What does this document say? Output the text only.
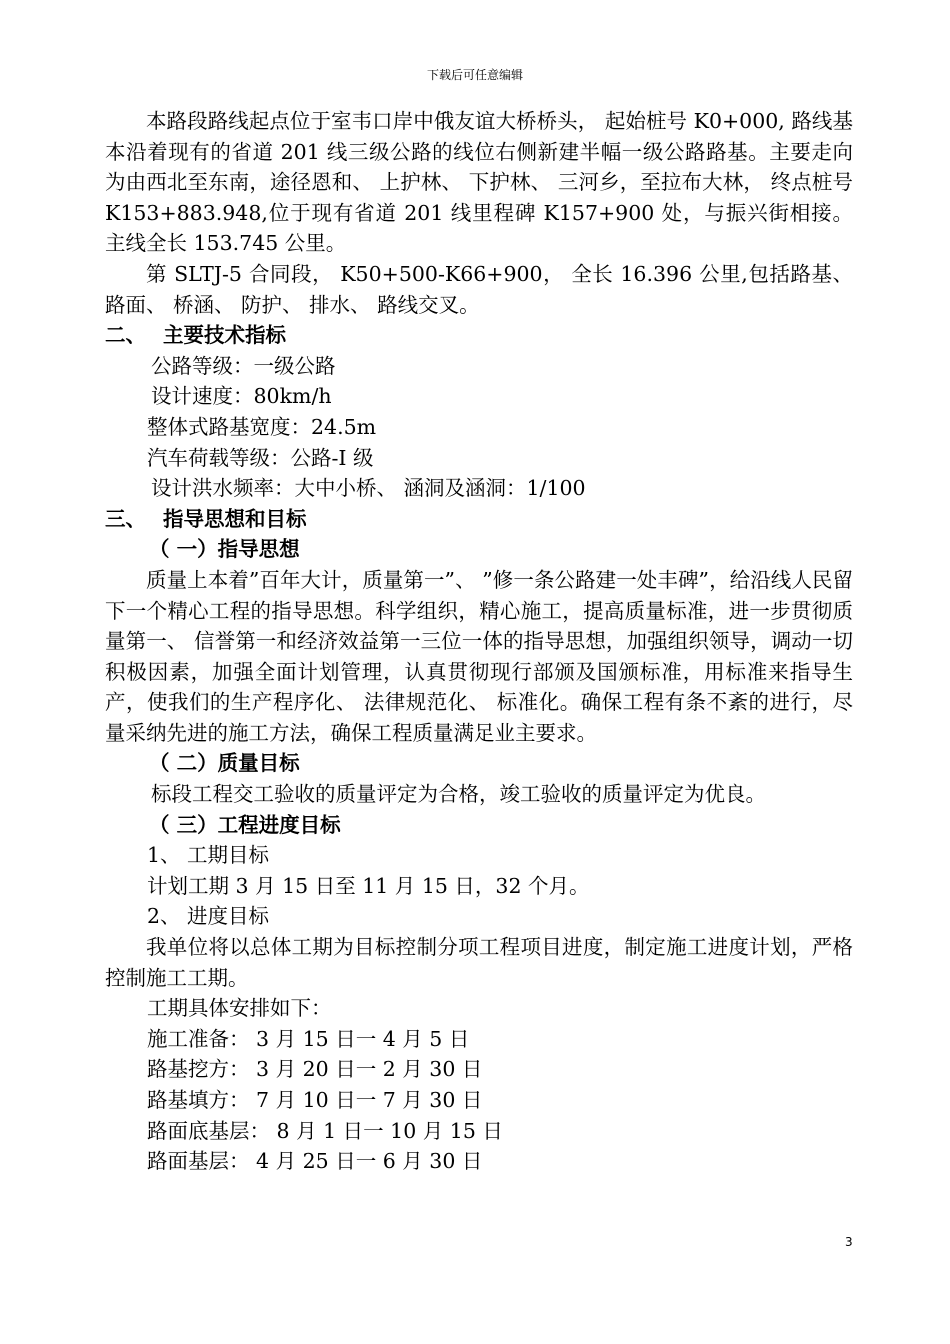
下载后可任意编辑

本路段路线起点位于室韦口岸中俄友谊大桥桥头， 起始桩号 K0+000, 路线基本沿着现有的省道 201 线三级公路的线位右侧新建半幅一级公路路基。主要走向为由西北至东南，途径恩和、 上护林、 下护林、 三河乡，至拉布大林， 终点桩号 K153+883.948,位于现有省道 201 线里程碑 K157+900 处，与振兴街相接。主线全长 153.745 公里。

第 SLTJ-5 合同段， K50+500-K66+900， 全长 16.396 公里,包括路基、 路面、 桥涵、 防护、 排水、 路线交叉。

二、 主要技术指标

公路等级：一级公路

设计速度：80km/h

整体式路基宽度：24.5m

汽车荷载等级：公路-I 级

设计洪水频率：大中小桥、 涵洞及涵洞：1/100

三、 指导思想和目标

（ 一）指导思想

质量上本着”百年大计，质量第一”、 ”修一条公路建一处丰碑”，给沿线人民留下一个精心工程的指导思想。科学组织，精心施工，提高质量标准，进一步贯彻质量第一、 信誉第一和经济效益第一三位一体的指导思想，加强组织领导，调动一切积极因素，加强全面计划管理，认真贯彻现行部颁及国颁标准，用标准来指导生产，使我们的生产程序化、 法律规范化、 标准化。确保工程有条不紊的进行，尽量采纳先进的施工方法，确保工程质量满足业主要求。

（ 二）质量目标

标段工程交工验收的质量评定为合格，竣工验收的质量评定为优良。

（ 三）工程进度目标

1、 工期目标

计划工期 3 月 15 日至 11 月 15 日，32 个月。

2、 进度目标

我单位将以总体工期为目标控制分项工程项目进度，制定施工进度计划，严格控制施工工期。

工期具体安排如下：

施工准备： 3 月 15 日一 4 月 5 日

路基挖方： 3 月 20 日一 2 月 30 日

路基填方： 7 月 10 日一 7 月 30 日

路面底基层： 8 月 1 日一 10 月 15 日

路面基层： 4 月 25 日一 6 月 30 日

3
